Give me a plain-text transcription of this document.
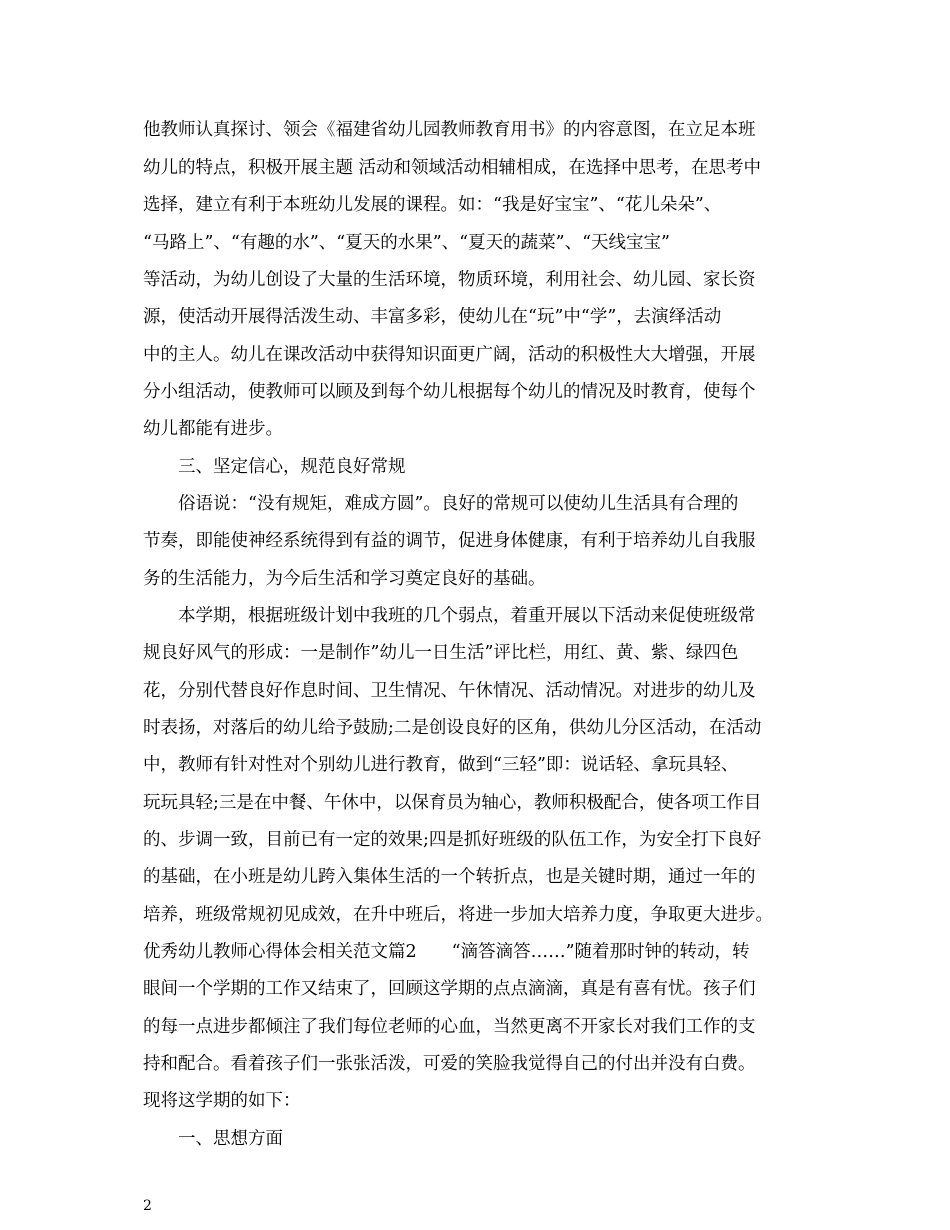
他教师认真探讨、领会《福建省幼儿园教师教育用书》的内容意图，在立足本班
幼儿的特点，积极开展主题 活动和领域活动相辅相成，在选择中思考，在思考中
选择，建立有利于本班幼儿发展的课程。如：“我是好宝宝”、“花儿朵朵”、
“马路上”、“有趣的水”、“夏天的水果”、“夏天的蔬菜”、“天线宝宝”
等活动，为幼儿创设了大量的生活环境，物质环境，利用社会、幼儿园、家长资
源，使活动开展得活泼生动、丰富多彩，使幼儿在“玩”中“学”，去演绎活动
中的主人。幼儿在课改活动中获得知识面更广阔，活动的积极性大大增强，开展
分小组活动，使教师可以顾及到每个幼儿根据每个幼儿的情况及时教育，使每个
幼儿都能有进步。
三、坚定信心，规范良好常规
俗语说：“没有规矩，难成方圆”。良好的常规可以使幼儿生活具有合理的
节奏，即能使神经系统得到有益的调节，促进身体健康，有利于培养幼儿自我服
务的生活能力，为今后生活和学习奠定良好的基础。
本学期，根据班级计划中我班的几个弱点，着重开展以下活动来促使班级常
规良好风气的形成：一是制作”幼儿一日生活”评比栏，用红、黄、紫、绿四色
花，分别代替良好作息时间、卫生情况、午休情况、活动情况。对进步的幼儿及
时表扬，对落后的幼儿给予鼓励;二是创设良好的区角，供幼儿分区活动，在活动
中，教师有针对性对个别幼儿进行教育，做到“三轻”即：说话轻、拿玩具轻、
玩玩具轻;三是在中餐、午休中，以保育员为轴心，教师积极配合，使各项工作目
的、步调一致，目前已有一定的效果;四是抓好班级的队伍工作，为安全打下良好
的基础，在小班是幼儿跨入集体生活的一个转折点，也是关键时期，通过一年的
培养，班级常规初见成效，在升中班后，将进一步加大培养力度，争取更大进步。
优秀幼儿教师心得体会相关范文篇2　　“滴答滴答……”随着那时钟的转动，转
眼间一个学期的工作又结束了，回顾这学期的点点滴滴，真是有喜有忧。孩子们
的每一点进步都倾注了我们每位老师的心血，当然更离不开家长对我们工作的支
持和配合。看着孩子们一张张活泼，可爱的笑脸我觉得自己的付出并没有白费。
现将这学期的如下：
一、思想方面
2
